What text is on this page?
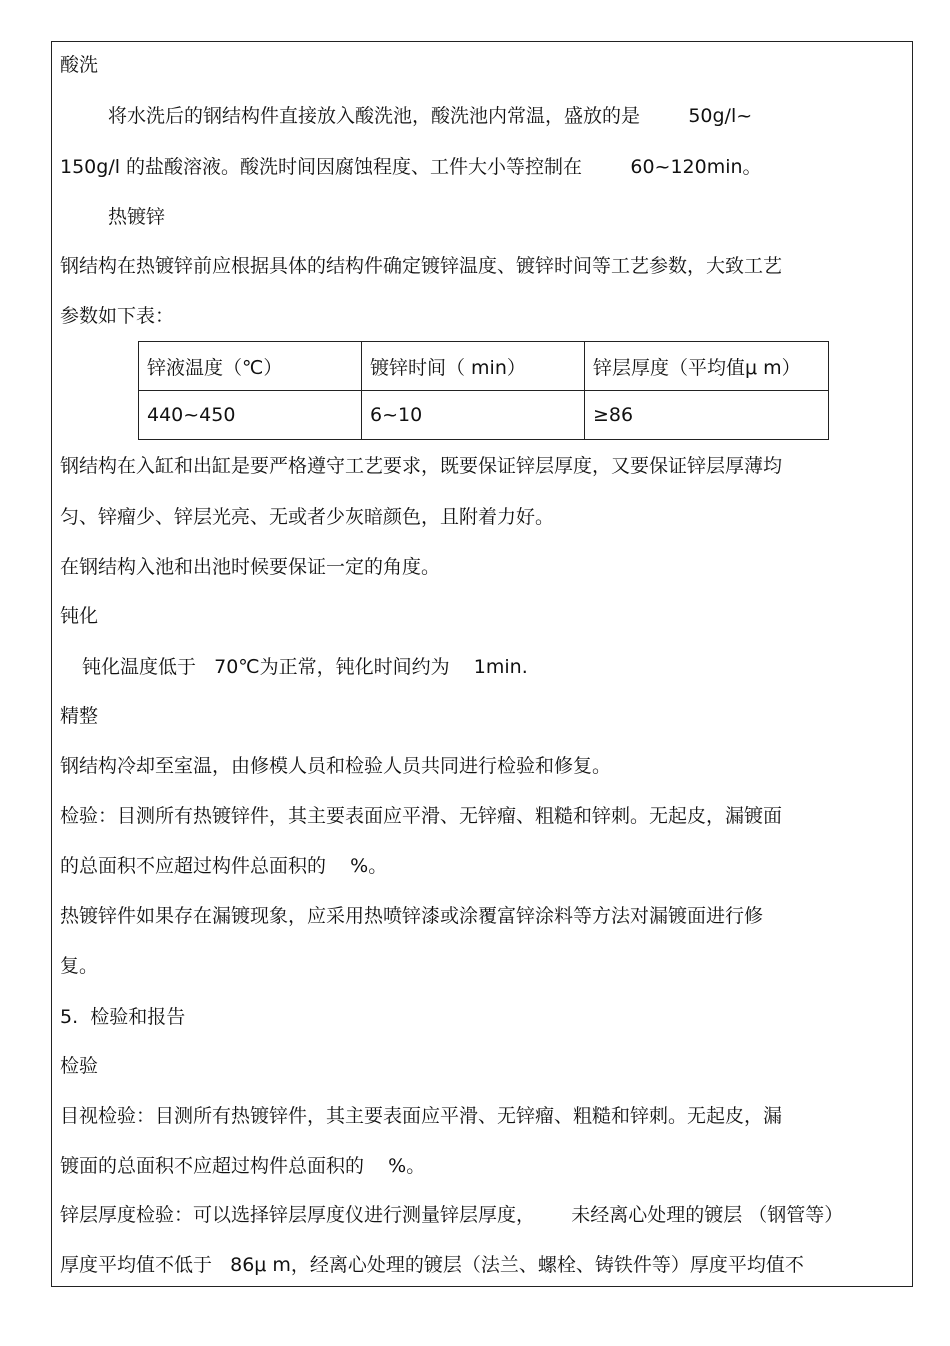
酸洗
将水洗后的钢结构件直接放入酸洗池，酸洗池内常温，盛放的是        50g/l~
150g/l 的盐酸溶液。酸洗时间因腐蚀程度、工件大小等控制在        60~120min。
热镀锌
钢结构在热镀锌前应根据具体的结构件确定镀锌温度、镀锌时间等工艺参数，大致工艺
参数如下表：
锌液温度（℃）	镀锌时间（ min）	锌层厚度（平均值μ m）
440~450	6~10	≥86
钢结构在入缸和出缸是要严格遵守工艺要求，既要保证锌层厚度，又要保证锌层厚薄均
匀、锌瘤少、锌层光亮、无或者少灰暗颜色，且附着力好。
在钢结构入池和出池时候要保证一定的角度。
钝化
钝化温度低于   70℃为正常，钝化时间约为    1min.
精整
钢结构冷却至室温，由修模人员和检验人员共同进行检验和修复。
检验：目测所有热镀锌件，其主要表面应平滑、无锌瘤、粗糙和锌刺。无起皮，漏镀面
的总面积不应超过构件总面积的    %。
热镀锌件如果存在漏镀现象，应采用热喷锌漆或涂覆富锌涂料等方法对漏镀面进行修
复。
5.  检验和报告
检验
目视检验：目测所有热镀锌件，其主要表面应平滑、无锌瘤、粗糙和锌刺。无起皮，漏
镀面的总面积不应超过构件总面积的    %。
锌层厚度检验：可以选择锌层厚度仪进行测量锌层厚度，      未经离心处理的镀层 （钢管等）
厚度平均值不低于   86μ m，经离心处理的镀层（法兰、螺栓、铸铁件等）厚度平均值不
